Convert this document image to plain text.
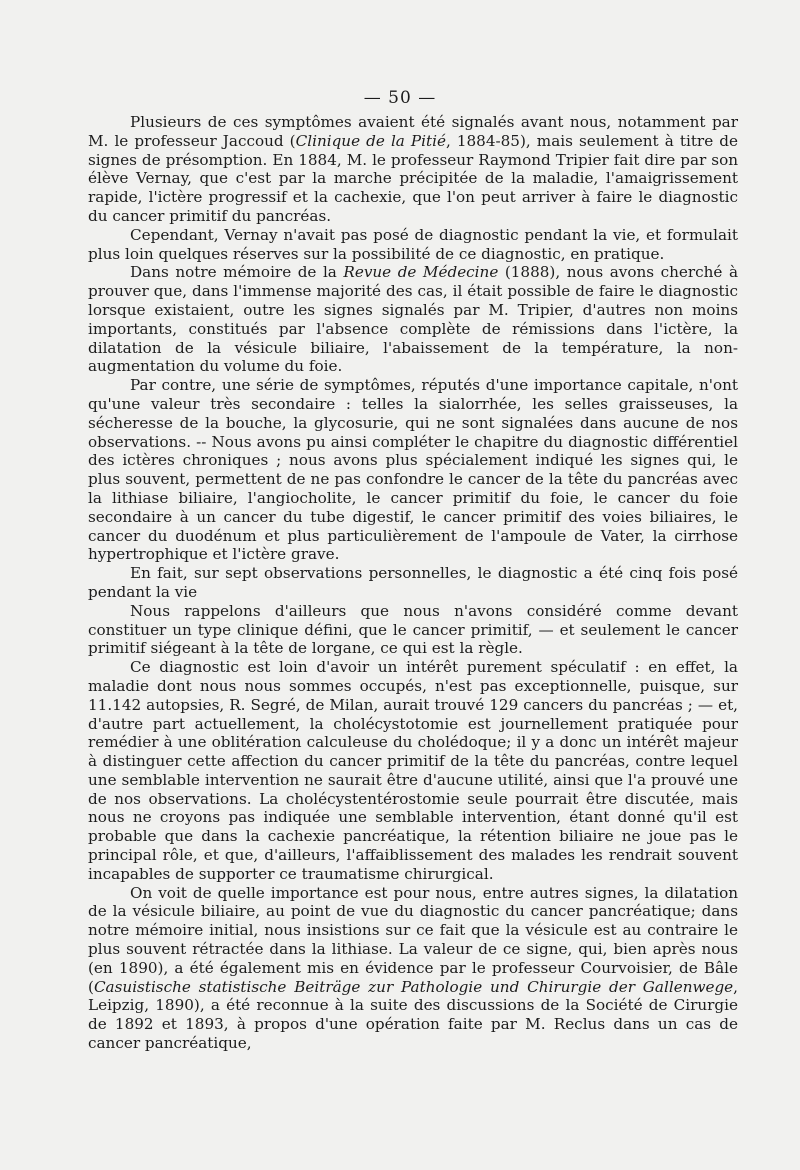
— 50 —

Plusieurs de ces symptômes avaient été signalés avant nous, notamment par M. le professeur Jaccoud (Clinique de la Pitié, 1884-85), mais seulement à titre de signes de présomption. En 1884, M. le professeur Raymond Tripier fait dire par son élève Vernay, que c'est par la marche précipitée de la maladie, l'amaigrissement rapide, l'ictère progressif et la cachexie, que l'on peut arriver à faire le diagnostic du cancer primitif du pancréas.

Cependant, Vernay n'avait pas posé de diagnostic pendant la vie, et formulait plus loin quelques réserves sur la possibilité de ce diagnostic, en pratique.

Dans notre mémoire de la Revue de Médecine (1888), nous avons cherché à prouver que, dans l'immense majorité des cas, il était possible de faire le diagnostic lorsque existaient, outre les signes signalés par M. Tripier, d'autres non moins importants, constitués par l'absence complète de rémissions dans l'ictère, la dilatation de la vésicule biliaire, l'abaissement de la température, la non-augmentation du volume du foie.

Par contre, une série de symptômes, réputés d'une importance capitale, n'ont qu'une valeur très secondaire : telles la sialorrhée, les selles graisseuses, la sécheresse de la bouche, la glycosurie, qui ne sont signalées dans aucune de nos observations. -- Nous avons pu ainsi compléter le chapitre du diagnostic différentiel des ictères chroniques ; nous avons plus spécialement indiqué les signes qui, le plus souvent, permettent de ne pas confondre le cancer de la tête du pancréas avec la lithiase biliaire, l'angiocholite, le cancer primitif du foie, le cancer du foie secondaire à un cancer du tube digestif, le cancer primitif des voies biliaires, le cancer du duodénum et plus particulièrement de l'ampoule de Vater, la cirrhose hypertrophique et l'ictère grave.

En fait, sur sept observations personnelles, le diagnostic a été cinq fois posé pendant la vie

Nous rappelons d'ailleurs que nous n'avons considéré comme devant constituer un type clinique défini, que le cancer primitif, — et seulement le cancer primitif siégeant à la tête de lorgane, ce qui est la règle.

Ce diagnostic est loin d'avoir un intérêt purement spéculatif : en effet, la maladie dont nous nous sommes occupés, n'est pas exceptionnelle, puisque, sur 11.142 autopsies, R. Segré, de Milan, aurait trouvé 129 cancers du pancréas ; — et, d'autre part actuellement, la cholécystotomie est journellement pratiquée pour remédier à une oblitération calculeuse du cholédoque; il y a donc un intérêt majeur à distinguer cette affection du cancer primitif de la tête du pancréas, contre lequel une semblable intervention ne saurait être d'aucune utilité, ainsi que l'a prouvé une de nos observations. La cholécystentérostomie seule pourrait être discutée, mais nous ne croyons pas indiquée une semblable intervention, étant donné qu'il est probable que dans la cachexie pancréatique, la rétention biliaire ne joue pas le principal rôle, et que, d'ailleurs, l'affaiblissement des malades les rendrait souvent incapables de supporter ce traumatisme chirurgical.

On voit de quelle importance est pour nous, entre autres signes, la dilatation de la vésicule biliaire, au point de vue du diagnostic du cancer pancréatique; dans notre mémoire initial, nous insistions sur ce fait que la vésicule est au contraire le plus souvent rétractée dans la lithiase. La valeur de ce signe, qui, bien après nous (en 1890), a été également mis en évidence par le professeur Courvoisier, de Bâle (Casuistische statistische Beiträge zur Pathologie und Chirurgie der Gallenwege, Leipzig, 1890), a été reconnue à la suite des discussions de la Société de Cirurgie de 1892 et 1893, à propos d'une opération faite par M. Reclus dans un cas de cancer pancréatique,
